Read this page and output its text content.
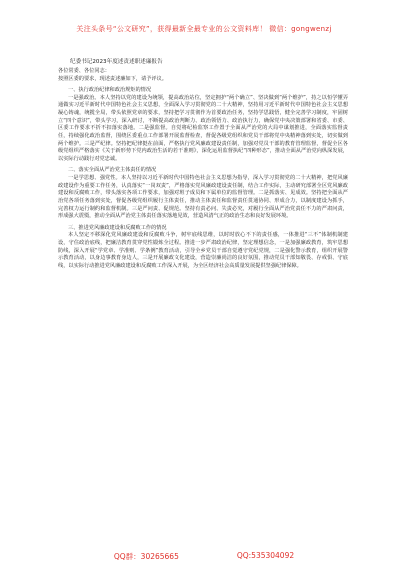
关注头条号“公文研究”，获得最新全最专业的公文资料库！ 微信：gongwenzj

纪委书记2023年度述责述职述廉报告

各位常委、各位同志：

按照区委的要求，现述责述廉如下，请予评议。

一、执行政治纪律和政治规矩的情况

一是强政治。本人坚持以党的建设为统领，提高政治站位，坚定拥护“两个确立”、坚决做到“两个维护”，持之以恒学懂弄通做实习近平新时代中国特色社会主义思想，全面深入学习贯彻党的二十大精神，坚持用习近平新时代中国特色社会主义思想凝心铸魂，统揽全局，带头依照党章的要求，坚持把学习贯彻作为首要政治任务，坚持学思践悟，健全完善学习制度，牢固树立“四个意识”，带头学习，深入研讨，不断提高政治判断力、政治领悟力、政治执行力，确保党中央决策部署和省委、市委、区委工作要求不折不扣落实落地。二是强监督。自觉将纪检监察工作置于全面从严治党的大局中谋划推进，全面落实监督责任，持续强化政治监督，围绕区委重点工作部署开展监督检查，督促各级党组织和党员干部将党中央精神落到实处，切实做到两个维护。三是严纪律。坚持把纪律挺在前面，严格执行党风廉政建设责任制，加强对党员干部的教育管理监督，督促全区各级党组织严格落实《关于新形势下党内政治生活的若干准则》，深化运用监督执纪“四种形态”，推动全面从严治党向纵深发展，以实际行动践行对党忠诚。

二、落实全面从严治党主体责任的情况

一是学思想、强党性。本人坚持以习近平新时代中国特色社会主义思想为指导，深入学习贯彻党的二十大精神，把党风廉政建设作为重要工作任务，认真落实“一岗双责”，严格落实党风廉政建设责任制，结合工作实际，主动研究部署全区党风廉政建设和反腐败工作，带头落实各项工作要求，加强对班子成员和下属单位的监督管理。二是抓落实、见成效。坚持把全面从严治党各项任务落到实处，督促各级党组织履行主体责任，推动主体责任和监督责任贯通协同、形成合力，以制度建设为抓手，完善权力运行制约和监督机制。三是严问责、促规范。坚持有责必问、失责必究，对履行全面从严治党责任不力的严肃问责，形成强大震慑，推动全面从严治党主体责任落实落地见效，营造风清气正的政治生态和良好发展环境。

三、推进党风廉政建设和反腐败工作的情况

本人坚定不移深化党风廉政建设和反腐败斗争，树牢底线思维，以时时放心不下的责任感，一体推进“三不”体制机制建设，守住政治底线，把廉洁教育贯穿党性锻炼全过程。推进一步严肃政治纪律，坚定理想信念，一是加强廉政教育，筑牢思想防线，深入开展“学党章、学准则、学条例”教育活动，引导全乡党员干部自觉遵守党纪党规，二是强化警示教育，组织开展警示教育活动，以身边事教育身边人，三是开展廉政文化建设，营造崇廉尚洁的良好氛围，推动党员干部知敬畏、存戒惧、守底线，以实际行动推进党风廉政建设和反腐败工作深入开展，为全区经济社会高质量发展提供坚强纪律保障。

QQ群：30265665	QQ:535304092
